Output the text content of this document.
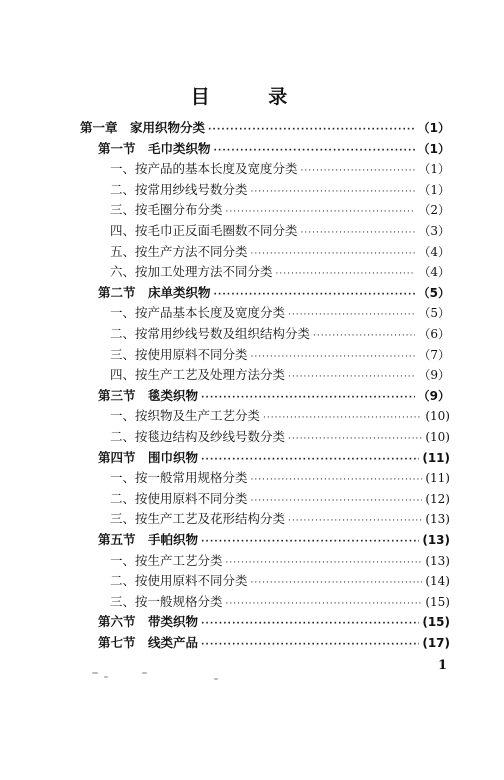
目 录
第一章　家用织物分类 ·····	（1）
第一节　毛巾类织物 ·····	（1）
一、按产品的基本长度及宽度分类 ·····	（1）
二、按常用纱线号数分类 ·····	（1）
三、按毛圈分布分类 ·····	（2）
四、按毛巾正反面毛圈数不同分类 ·····	（3）
五、按生产方法不同分类 ·····	（4）
六、按加工处理方法不同分类 ·····	（4）
第二节　床单类织物 ·····	（5）
一、按产品基本长度及宽度分类 ·····	（5）
二、按常用纱线号数及组织结构分类 ·····	（6）
三、按使用原料不同分类 ·····	（7）
四、按生产工艺及处理方法分类 ·····	（9）
第三节　毯类织物 ·····	（9）
一、按织物及生产工艺分类 ·····	(10)
二、按毯边结构及纱线号数分类 ·····	(10)
第四节　围巾织物 ·····	(11)
一、按一般常用规格分类 ·····	(11)
二、按使用原料不同分类 ·····	(12)
三、按生产工艺及花形结构分类 ·····	(13)
第五节　手帕织物 ·····	(13)
一、按生产工艺分类 ·····	(13)
二、按使用原料不同分类 ·····	(14)
三、按一般规格分类 ·····	(15)
第六节　带类织物 ·····	(15)
第七节　线类产品 ·····	(17)
1
